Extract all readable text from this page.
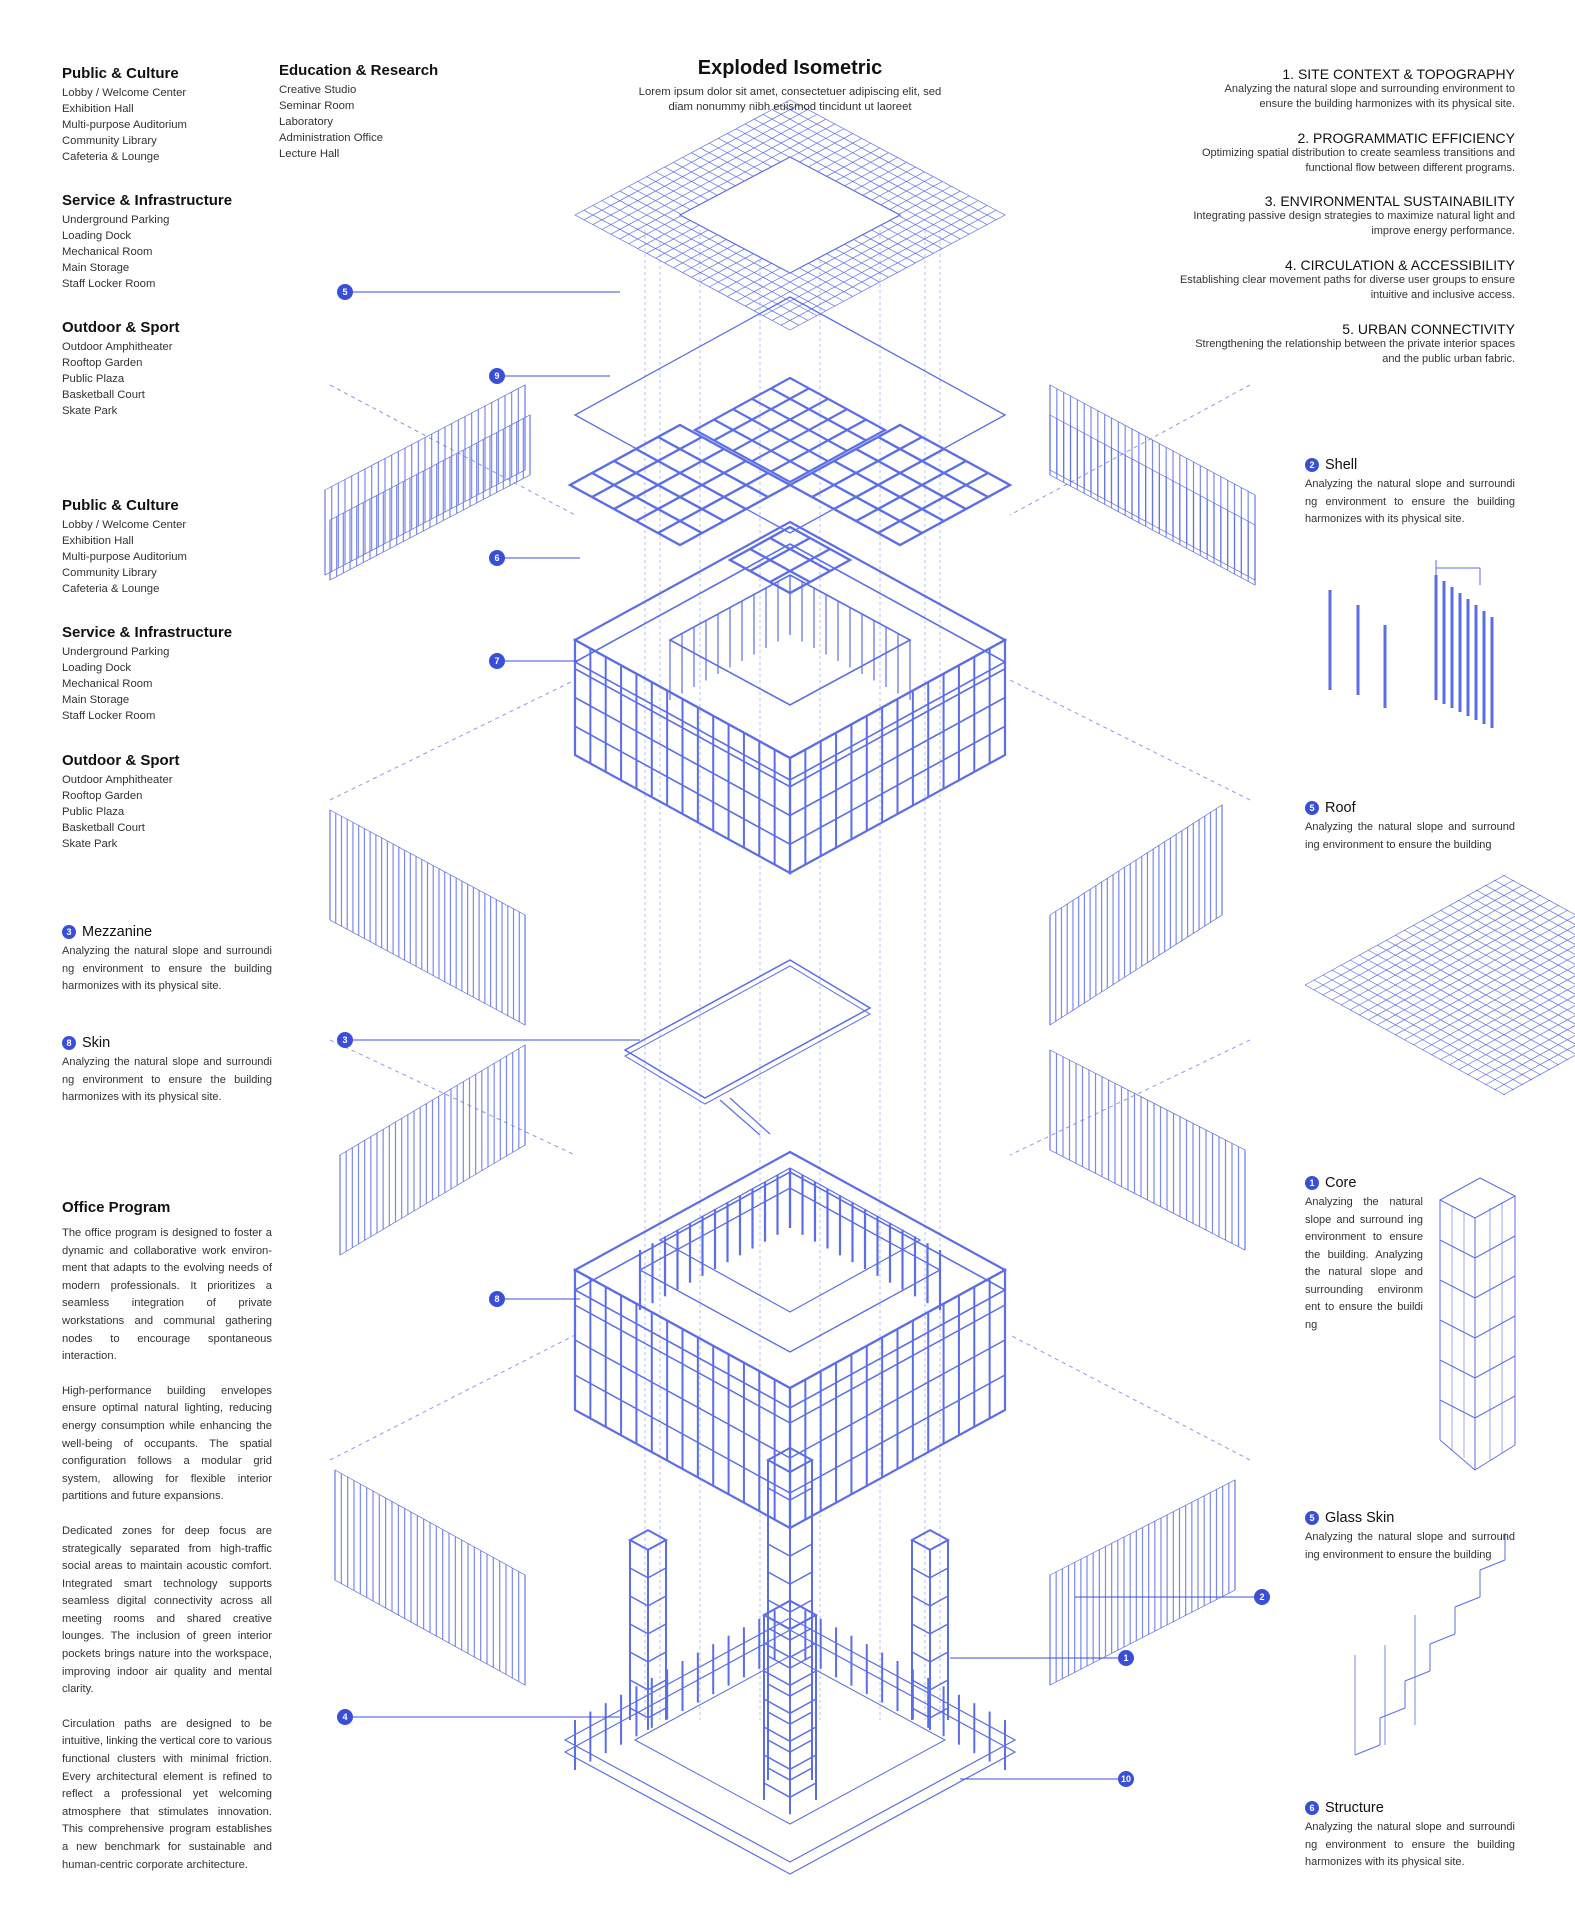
Exploded Isometric
Lorem ipsum dolor sit amet, consectetuer adipiscing elit, sed diam nonummy nibh euismod tincidunt ut laoreet
Public & Culture
Lobby / Welcome Center
Exhibition Hall
Multi-purpose Auditorium
Community Library
Cafeteria & Lounge
Education & Research
Creative Studio
Seminar Room
Laboratory
Administration Office
Lecture Hall
Service & Infrastructure
Underground Parking
Loading Dock
Mechanical Room
Main Storage
Staff Locker Room
Outdoor & Sport
Outdoor Amphitheater
Rooftop Garden
Public Plaza
Basketball Court
Skate Park
Public & Culture
Lobby / Welcome Center
Exhibition Hall
Multi-purpose Auditorium
Community Library
Cafeteria & Lounge
Service & Infrastructure
Underground Parking
Loading Dock
Mechanical Room
Main Storage
Staff Locker Room
Outdoor & Sport
Outdoor Amphitheater
Rooftop Garden
Public Plaza
Basketball Court
Skate Park
3 Mezzanine
Analyzing the natural slope and surroundi ng environment to ensure the building harmonizes with its physical site.
8 Skin
Analyzing the natural slope and surroundi ng environment to ensure the building harmonizes with its physical site.
Office Program

The office program is designed to foster a dynamic and collaborative work environ-ment that adapts to the evolving needs of modern professionals. It prioritizes a seamless integration of private workstations and communal gathering nodes to encourage spontaneous interaction.

High-performance building envelopes ensure optimal natural lighting, reducing energy consumption while enhancing the well-being of occupants. The spatial configuration follows a modular grid system, allowing for flexible interior partitions and future expansions.

Dedicated zones for deep focus are strategically separated from high-traffic social areas to maintain acoustic comfort. Integrated smart technology supports seamless digital connectivity across all meeting rooms and shared creative lounges. The inclusion of green interior pockets brings nature into the workspace, improving indoor air quality and mental clarity.

Circulation paths are designed to be intuitive, linking the vertical core to various functional clusters with minimal friction. Every architectural element is refined to reflect a professional yet welcoming atmosphere that stimulates innovation. This comprehensive program establishes a new benchmark for sustainable and human-centric corporate architecture.

1. SITE CONTEXT & TOPOGRAPHY
Analyzing the natural slope and surrounding environment to ensure the building harmonizes with its physical site.
2. PROGRAMMATIC EFFICIENCY
Optimizing spatial distribution to create seamless transitions and functional flow between different programs.
3. ENVIRONMENTAL SUSTAINABILITY
Integrating passive design strategies to maximize natural light and improve energy performance.
4. CIRCULATION & ACCESSIBILITY
Establishing clear movement paths for diverse user groups to ensure intuitive and inclusive access.
5. URBAN CONNECTIVITY
Strengthening the relationship between the private interior spaces and the public urban fabric.
2 Shell
Analyzing the natural slope and surroundi ng environment to ensure the building harmonizes with its physical site.
5 Roof
Analyzing the natural slope and surround ing environment to ensure the building
1 Core
Analyzing the natural slope and surround ing environment to ensure the building. Analyzing the natural slope and surrounding environm ent to ensure the buildi ng
5 Glass Skin
Analyzing the natural slope and surround ing environment to ensure the building
6 Structure
Analyzing the natural slope and surroundi ng environment to ensure the building harmonizes with its physical site.
5
9
6
7
3
8
4
1
10
2
